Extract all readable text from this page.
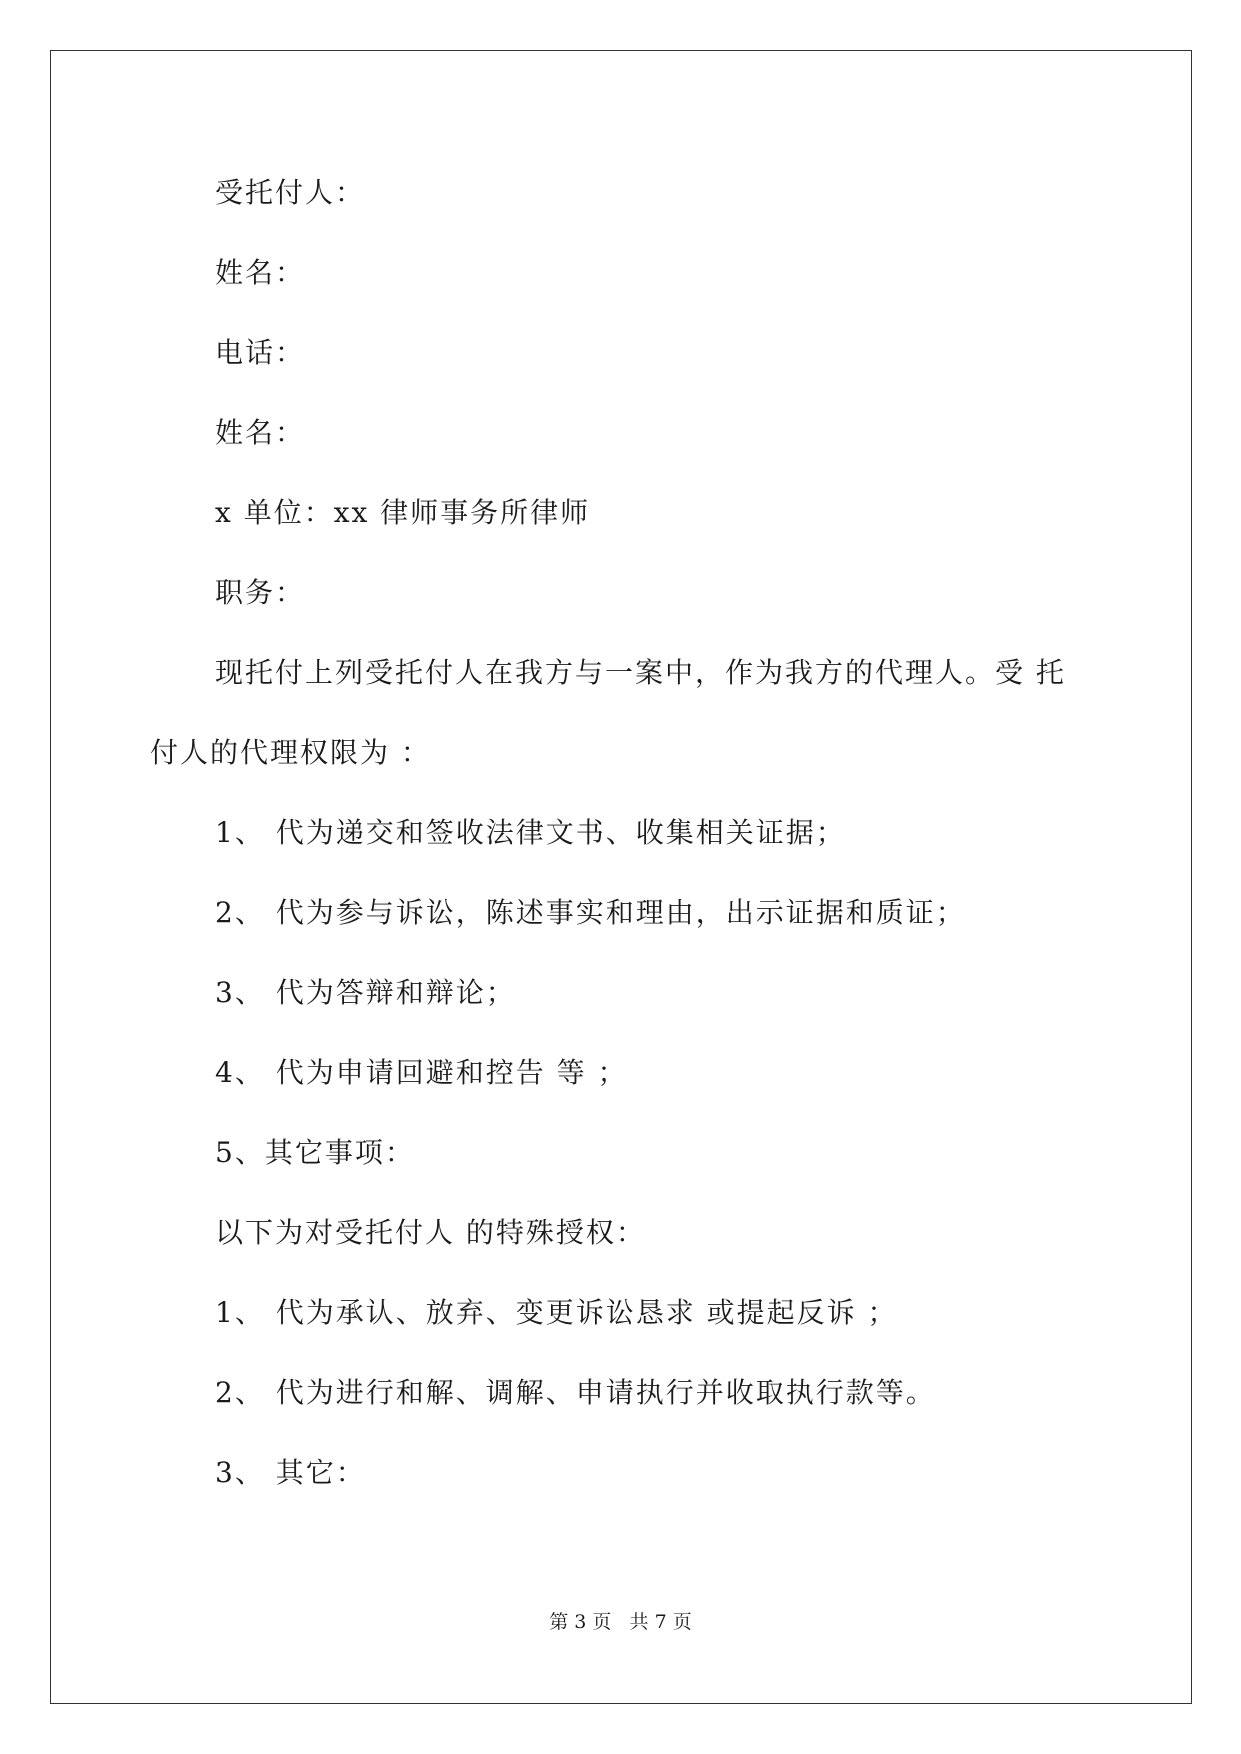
受托付人：
姓名：
电话：
姓名：
x 单位：xx 律师事务所律师
职务：
现托付上列受托付人在我方与一案中，作为我方的代理人。受 托
付人的代理权限为 ：
1、 代为递交和签收法律文书、收集相关证据；
2、 代为参与诉讼，陈述事实和理由，出示证据和质证；
3、 代为答辩和辩论；
4、 代为申请回避和控告 等 ；
5、其它事项：
以下为对受托付人 的特殊授权：
1、 代为承认、放弃、变更诉讼恳求 或提起反诉 ；
2、 代为进行和解、调解、申请执行并收取执行款等。
3、 其它：
第 3 页   共 7 页
